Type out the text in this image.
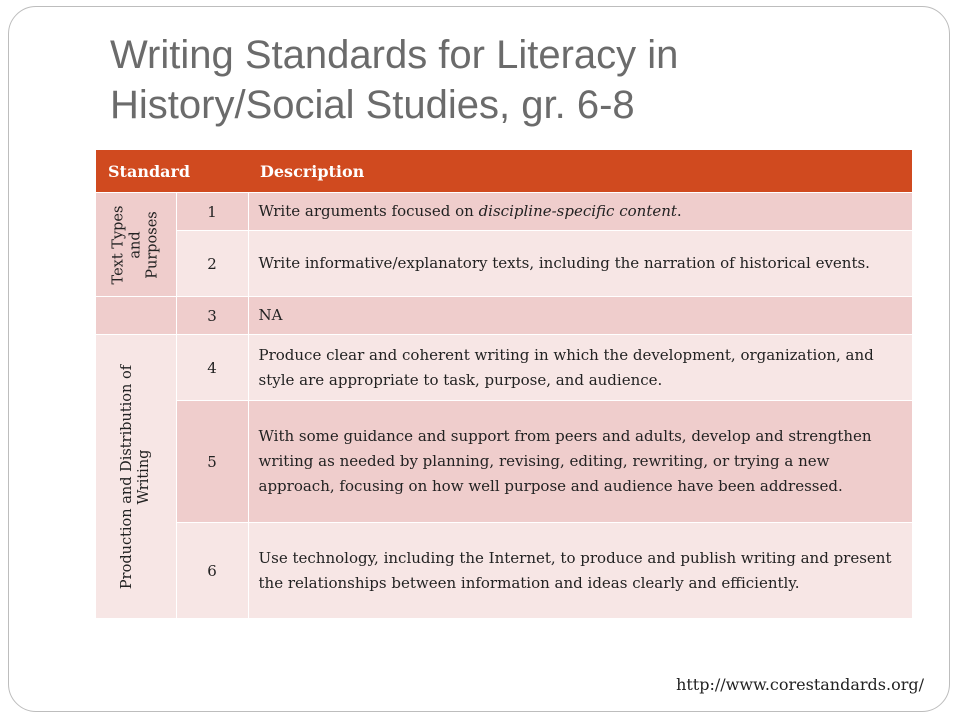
Writing Standards for Literacy in
History/Social Studies, gr. 6-8
Standard		Description

Text Types and Purposes	1	Write arguments focused on discipline-specific content.
	2	Write informative/explanatory texts, including the narration of historical events.
	3	NA

Production and Distribution of Writing	4	Produce clear and coherent writing in which the development, organization, and style are appropriate to task, purpose, and audience.
	5	With some guidance and support from peers and adults, develop and strengthen writing as needed by planning, revising, editing, rewriting, or trying a new approach, focusing on how well purpose and audience have been addressed.
	6	Use technology, including the Internet, to produce and publish writing and present the relationships between information and ideas clearly and efficiently.
http://www.corestandards.org/
